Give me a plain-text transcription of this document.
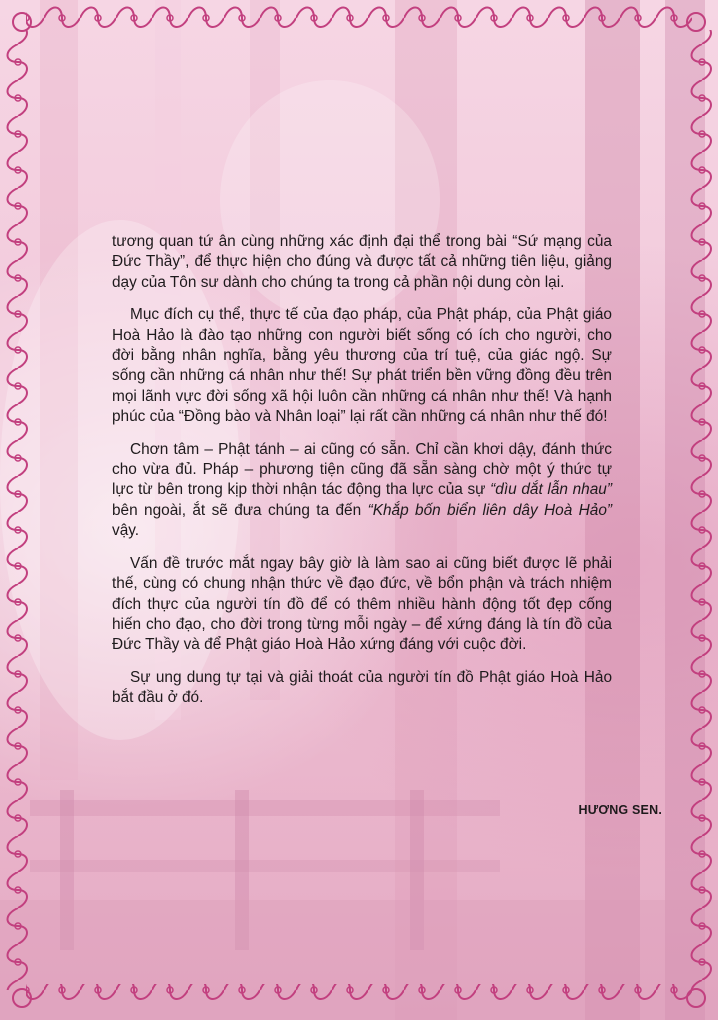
tương quan tứ ân cùng những xác định đại thể trong bài “Sứ mạng của Đức Thầy”, để thực hiện cho đúng và được tất cả những tiên liệu, giảng dạy của Tôn sư dành cho chúng ta trong cả phần nội dung còn lại.

Mục đích cụ thể, thực tế của đạo pháp, của Phật pháp, của Phật giáo Hoà Hảo là đào tạo những con người biết sống có ích cho người, cho đời bằng nhân nghĩa, bằng yêu thương của trí tuệ, của giác ngộ. Sự sống cần những cá nhân như thế! Sự phát triển bền vững đồng đều trên mọi lãnh vực đời sống xã hội luôn cần những cá nhân như thế! Và hạnh phúc của “Đồng bào và Nhân loại” lại rất cần những cá nhân như thế đó!

Chơn tâm – Phật tánh – ai cũng có sẵn. Chỉ cần khơi dậy, đánh thức cho vừa đủ. Pháp – phương tiện cũng đã sẵn sàng chờ một ý thức tự lực từ bên trong kịp thời nhận tác động tha lực của sự “dìu dắt lẫn nhau” bên ngoài, ắt sẽ đưa chúng ta đến “Khắp bốn biển liên dây Hoà Hảo” vậy.

Vấn đề trước mắt ngay bây giờ là làm sao ai cũng biết được lẽ phải thế, cùng có chung nhận thức về đạo đức, về bổn phận và trách nhiệm đích thực của người tín đồ để có thêm nhiều hành động tốt đẹp cống hiến cho đạo, cho đời trong từng mỗi ngày – để xứng đáng là tín đồ của Đức Thầy và để Phật giáo Hoà Hảo xứng đáng với cuộc đời.

Sự ung dung tự tại và giải thoát của người tín đồ Phật giáo Hoà Hảo bắt đầu ở đó.

HƯƠNG SEN.
